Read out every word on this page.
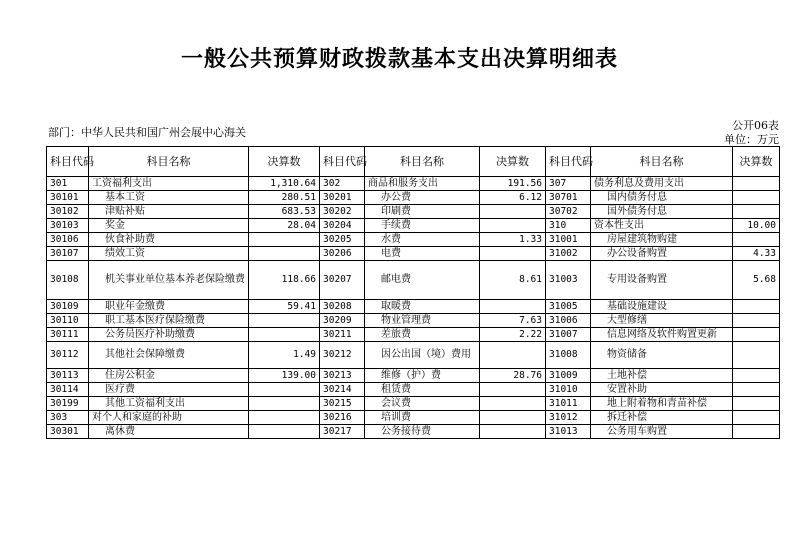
一般公共预算财政拨款基本支出决算明细表
部门：中华人民共和国广州会展中心海关
公开06表
单位：万元
科目代码	科目名称	决算数	科目代码	科目名称	决算数	科目代码	科目名称	决算数
301	工资福利支出	1,310.64	302	商品和服务支出	191.56	307	债务利息及费用支出	
30101	基本工资	280.51	30201	办公费	6.12	30701	国内债务付息	
30102	津贴补贴	683.53	30202	印刷费		30702	国外债务付息	
30103	奖金	28.04	30204	手续费		310	资本性支出	10.00
30106	伙食补助费		30205	水费	1.33	31001	房屋建筑物购建	
30107	绩效工资		30206	电费		31002	办公设备购置	4.33
30108	机关事业单位基本养老保险缴费	118.66	30207	邮电费	8.61	31003	专用设备购置	5.68
30109	职业年金缴费	59.41	30208	取暖费		31005	基础设施建设	
30110	职工基本医疗保险缴费		30209	物业管理费	7.63	31006	大型修缮	
30111	公务员医疗补助缴费		30211	差旅费	2.22	31007	信息网络及软件购置更新	
30112	其他社会保障缴费	1.49	30212	因公出国（境）费用		31008	物资储备	
30113	住房公积金	139.00	30213	维修（护）费	28.76	31009	土地补偿	
30114	医疗费		30214	租赁费		31010	安置补助	
30199	其他工资福利支出		30215	会议费		31011	地上附着物和青苗补偿	
303	对个人和家庭的补助		30216	培训费		31012	拆迁补偿	
30301	离休费		30217	公务接待费		31013	公务用车购置	
